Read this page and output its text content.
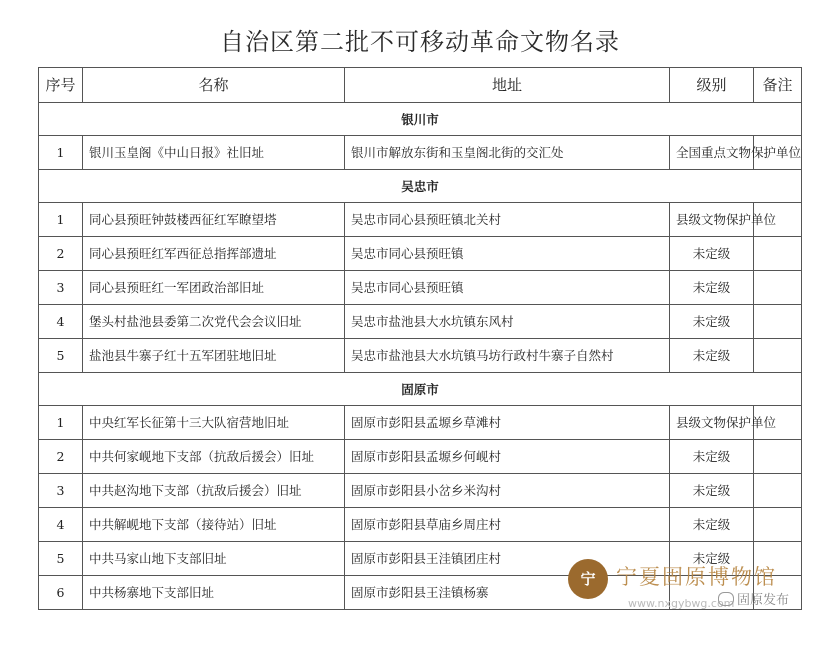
自治区第二批不可移动革命文物名录
序号	名称	地址	级别	备注
银川市				
1	银川玉皇阁《中山日报》社旧址	银川市解放东街和玉皇阁北街的交汇处	全国重点文物保护单位	
吴忠市				
1	同心县预旺钟鼓楼西征红军瞭望塔	吴忠市同心县预旺镇北关村	县级文物保护单位	
2	同心县预旺红军西征总指挥部遗址	吴忠市同心县预旺镇	未定级	
3	同心县预旺红一军团政治部旧址	吴忠市同心县预旺镇	未定级	
4	堡头村盐池县委第二次党代会会议旧址	吴忠市盐池县大水坑镇东风村	未定级	
5	盐池县牛寨子红十五军团驻地旧址	吴忠市盐池县大水坑镇马坊行政村牛寨子自然村	未定级	
固原市				
1	中央红军长征第十三大队宿营地旧址	固原市彭阳县孟塬乡草滩村	县级文物保护单位	
2	中共何家岘地下支部（抗敌后援会）旧址	固原市彭阳县孟塬乡何岘村	未定级	
3	中共赵沟地下支部（抗敌后援会）旧址	固原市彭阳县小岔乡米沟村	未定级	
4	中共解岘地下支部（接待站）旧址	固原市彭阳县草庙乡周庄村	未定级	
5	中共马家山地下支部旧址	固原市彭阳县王洼镇团庄村	未定级	
6	中共杨寨地下支部旧址	固原市彭阳县王洼镇杨寨		
宁 宁夏固原博物馆
www.nxgybwg.com 固原发布
